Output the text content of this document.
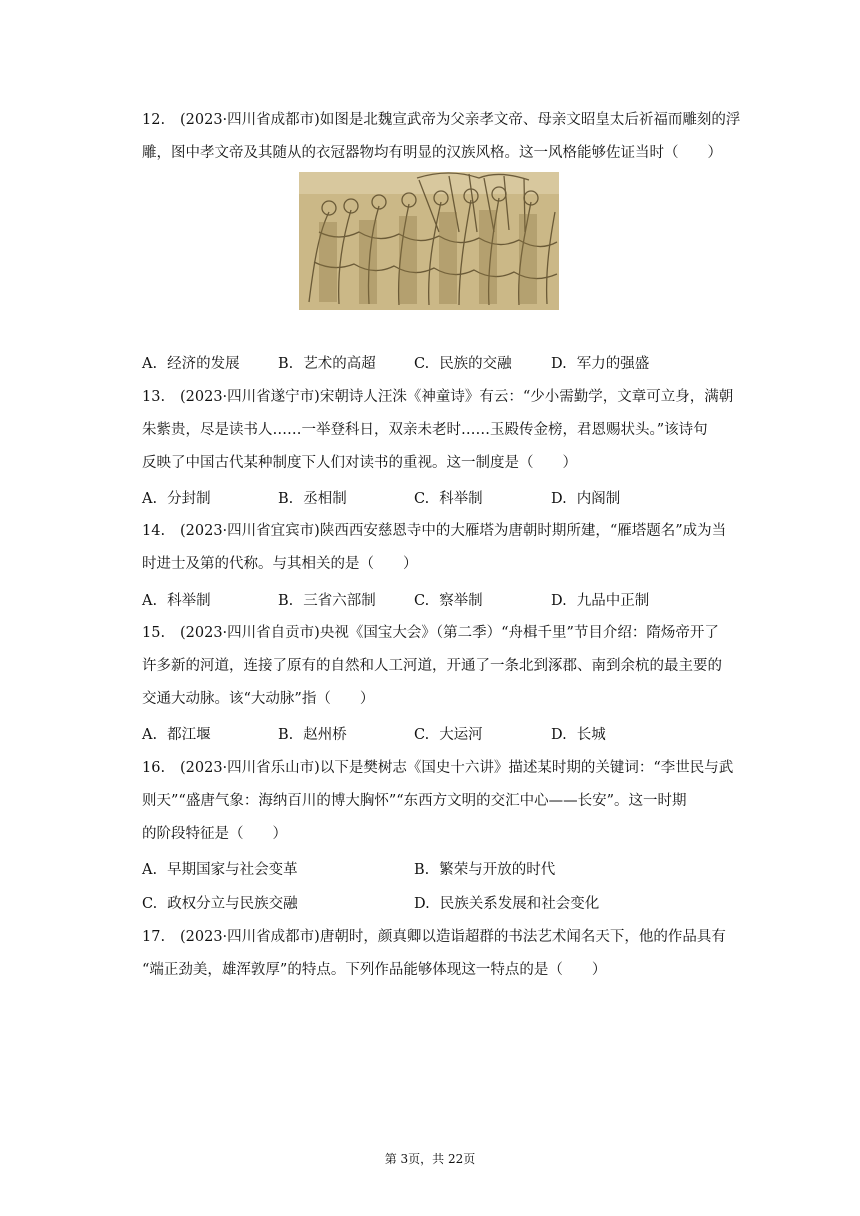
12. (2023·四川省成都市)如图是北魏宣武帝为父亲孝文帝、母亲文昭皇太后祈福而雕刻的浮
雕，图中孝文帝及其随从的衣冠器物均有明显的汉族风格。这一风格能够佐证当时（　　）
A. 经济的发展	B. 艺术的高超	C. 民族的交融	D. 军力的强盛
13. (2023·四川省遂宁市)宋朝诗人汪洙《神童诗》有云：“少小需勤学，文章可立身，满朝
朱紫贵，尽是读书人……一举登科日，双亲未老时……玉殿传金榜，君恩赐状头。”该诗句
反映了中国古代某种制度下人们对读书的重视。这一制度是（　　）
A. 分封制	B. 丞相制	C. 科举制	D. 内阁制
14. (2023·四川省宜宾市)陕西西安慈恩寺中的大雁塔为唐朝时期所建，“雁塔题名”成为当
时进士及第的代称。与其相关的是（　　）
A. 科举制	B. 三省六部制	C. 察举制	D. 九品中正制
15. (2023·四川省自贡市)央视《国宝大会》（第二季）“舟楫千里”节目介绍：隋炀帝开了
许多新的河道，连接了原有的自然和人工河道，开通了一条北到涿郡、南到余杭的最主要的
交通大动脉。该“大动脉”指（　　）
A. 都江堰	B. 赵州桥	C. 大运河	D. 长城
16. (2023·四川省乐山市)以下是樊树志《国史十六讲》描述某时期的关键词：“李世民与武
则天”“盛唐气象：海纳百川的博大胸怀”“东西方文明的交汇中心——长安”。这一时期
的阶段特征是（　　）
A. 早期国家与社会变革	B. 繁荣与开放的时代
C. 政权分立与民族交融	D. 民族关系发展和社会变化
17. (2023·四川省成都市)唐朝时，颜真卿以造诣超群的书法艺术闻名天下，他的作品具有
“端正劲美，雄浑敦厚”的特点。下列作品能够体现这一特点的是（　　）
第 3页，共 22页
